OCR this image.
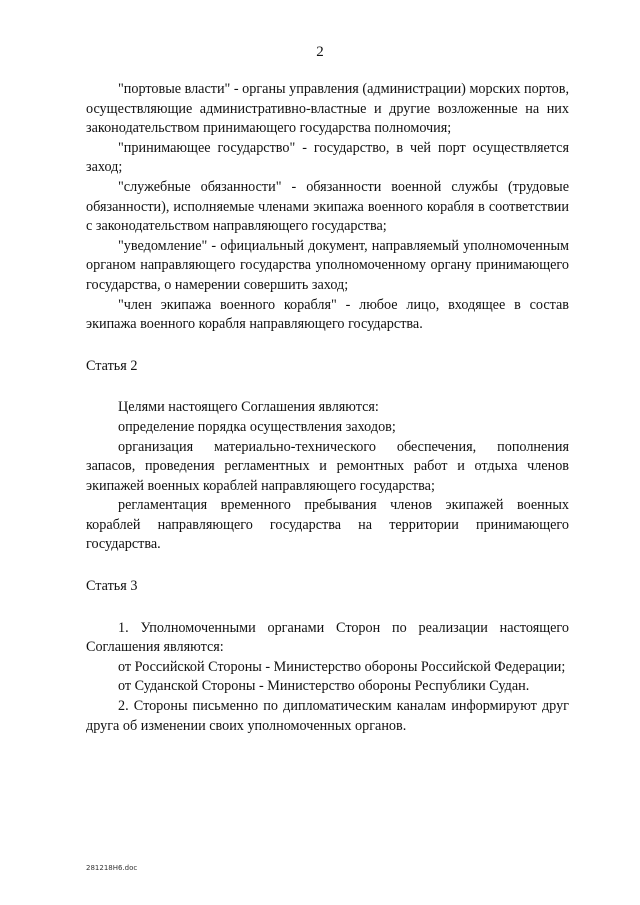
2

"портовые власти" - органы управления (администрации) морских портов, осуществляющие административно-властные и другие возложенные на них законодательством принимающего государства полномочия;

"принимающее государство" - государство, в чей порт осуществляется заход;

"служебные обязанности" - обязанности военной службы (трудовые обязанности), исполняемые членами экипажа военного корабля в соответствии с законодательством направляющего государства;

"уведомление" - официальный документ, направляемый уполномоченным органом направляющего государства уполномоченному органу принимающего государства, о намерении совершить заход;

"член экипажа военного корабля" - любое лицо, входящее в состав экипажа военного корабля направляющего государства.

Статья 2

Целями настоящего Соглашения являются:

определение порядка осуществления заходов;

организация материально-технического обеспечения, пополнения запасов, проведения регламентных и ремонтных работ и отдыха членов экипажей военных кораблей направляющего государства;

регламентация временного пребывания членов экипажей военных кораблей направляющего государства на территории принимающего государства.

Статья 3

1. Уполномоченными органами Сторон по реализации настоящего Соглашения являются:

от Российской Стороны - Министерство обороны Российской Федерации;

от Суданской Стороны - Министерство обороны Республики Судан.

2. Стороны письменно по дипломатическим каналам информируют друг друга об изменении своих уполномоченных органов.

281218Н6.doc
